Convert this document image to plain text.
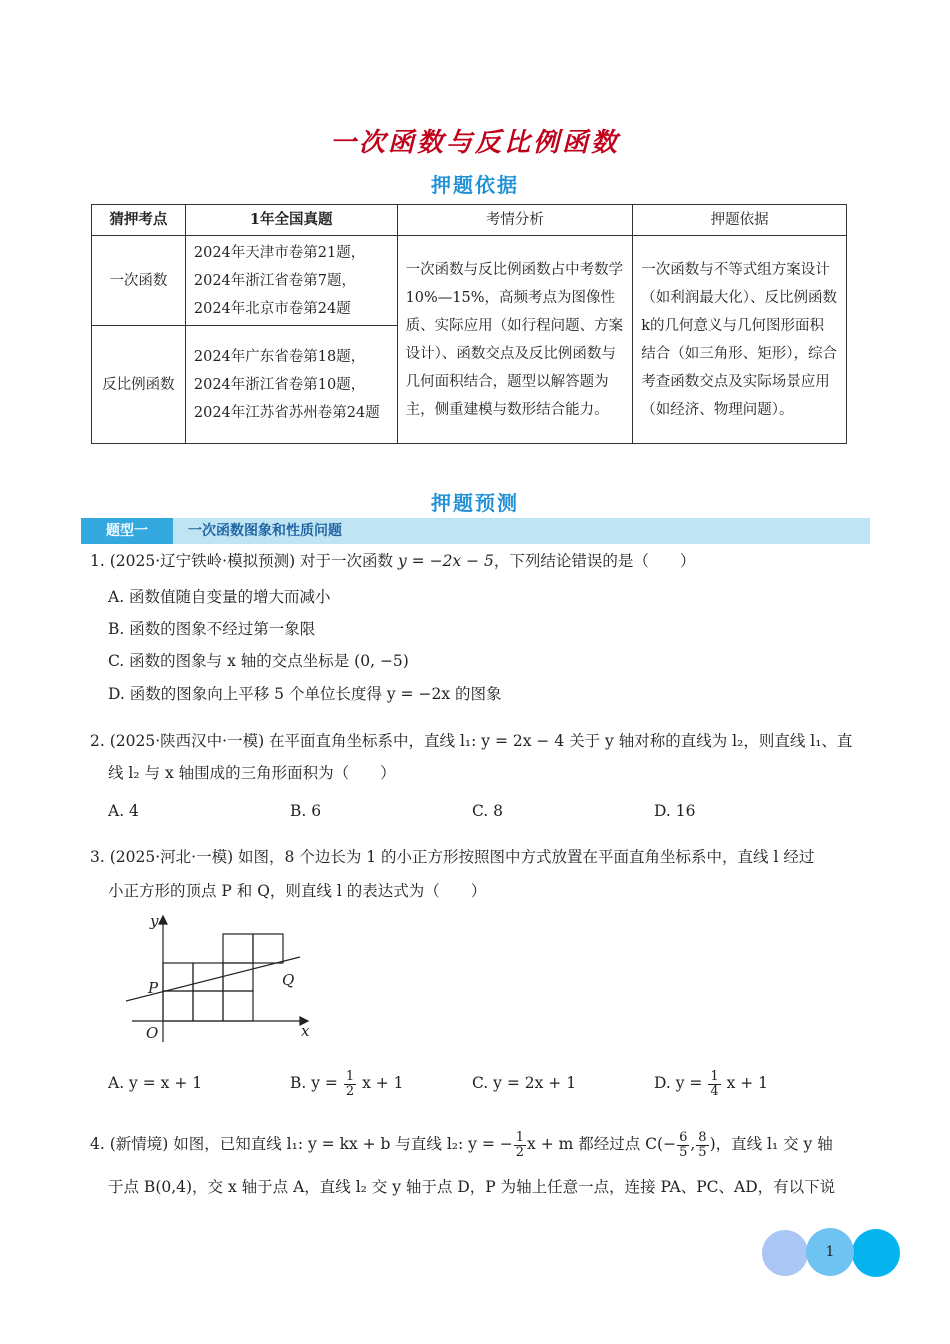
一次函数与反比例函数
押题依据
猜押考点	1年全国真题	考情分析	押题依据
一次函数	2024年天津市卷第21题，
2024年浙江省卷第7题，
2024年北京市卷第24题	一次函数与反比例函数占中考数学10%—15%，高频考点为图像性质、实际应用（如行程问题、方案设计）、函数交点及反比例函数与几何面积结合，题型以解答题为主，侧重建模与数形结合能力。	一次函数与不等式组方案设计（如利润最大化）、反比例函数k的几何意义与几何图形面积结合（如三角形、矩形），综合考查函数交点及实际场景应用（如经济、物理问题）。
反比例函数	2024年广东省卷第18题，
2024年浙江省卷第10题，
2024年江苏省苏州卷第24题		
押题预测
题型一	一次函数图象和性质问题
1. (2025·辽宁铁岭·模拟预测) 对于一次函数 y = −2x − 5，下列结论错误的是（　　）
A. 函数值随自变量的增大而减小
B. 函数的图象不经过第一象限
C. 函数的图象与 x 轴的交点坐标是 (0, −5)
D. 函数的图象向上平移 5 个单位长度得 y = −2x 的图象
2. (2025·陕西汉中·一模) 在平面直角坐标系中，直线 l₁: y = 2x − 4 关于 y 轴对称的直线为 l₂，则直线 l₁、直
线 l₂ 与 x 轴围成的三角形面积为（　　）
A. 4	B. 6	C. 8	D. 16
3. (2025·河北·一模) 如图，8 个边长为 1 的小正方形按照图中方式放置在平面直角坐标系中，直线 l 经过
小正方形的顶点 P 和 Q，则直线 l 的表达式为（　　）
y
x
O
P	Q
A. y = x + 1	B. $y = \frac{1}{2}$ x + 1	C. y = 2x + 1	D. $y = \frac{1}{4}$ x + 1
4. (新情境) 如图，已知直线 l₁: y = kx + b 与直线 l₂: y = − $\frac{1}{2}$ x + m 都经过点 $C(- \frac{6}{5}$ , $\frac{8}{5}$ )，直线 l₁ 交 y 轴
于点 B(0,4)，交 x 轴于点 A，直线 l₂ 交 y 轴于点 D，P 为轴上任意一点，连接 PA、PC、AD，有以下说
1
